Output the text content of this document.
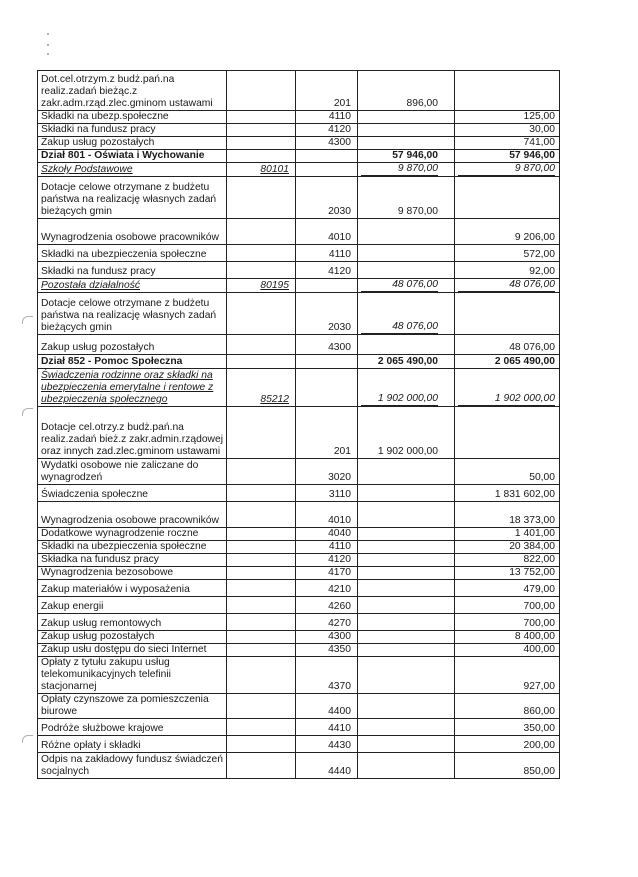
Dot.cel.otrzym.z budż.pań.na realiz.zadań bieżąc.z zakr.adm.rząd.zlec.gminom ustawami		201	896,00	
Składki na ubezp.społeczne		4110		125,00
Składki na fundusz pracy		4120		30,00
Zakup usług pozostałych		4300		741,00
Dział 801 - Oświata i Wychowanie			57 946,00	57 946,00
Szkoły Podstawowe	80101		9 870,00	9 870,00
Dotacje celowe otrzymane z budżetu państwa na realizację własnych zadań bieżących gmin		2030	9 870,00	
Wynagrodzenia osobowe pracowników		4010		9 206,00
Składki na ubezpieczenia społeczne		4110		572,00
Składki na fundusz pracy		4120		92,00
Pozostała działalność	80195		48 076,00	48 076,00
Dotacje celowe otrzymane z budżetu państwa na realizację własnych zadań bieżących gmin		2030	48 076,00	
Zakup usług pozostałych		4300		48 076,00
Dział 852 - Pomoc Społeczna			2 065 490,00	2 065 490,00
Świadczenia rodzinne oraz składki na ubezpieczenia emerytalne i rentowe z ubezpieczenia społecznego	85212		1 902 000,00	1 902 000,00
Dotacje cel.otrzy.z budż.pań.na realiz.zadań bież.z zakr.admin.rządowej oraz innych zad.zlec.gminom ustawami		201	1 902 000,00	
Wydatki osobowe nie zaliczane do wynagrodzeń		3020		50,00
Świadczenia społeczne		3110		1 831 602,00
Wynagrodzenia osobowe pracowników		4010		18 373,00
Dodatkowe wynagrodzenie roczne		4040		1 401,00
Składki na ubezpieczenia społeczne		4110		20 384,00
Składka na fundusz pracy		4120		822,00
Wynagrodzenia bezosobowe		4170		13 752,00
Zakup materiałów i wyposażenia		4210		479,00
Zakup energii		4260		700,00
Zakup usług remontowych		4270		700,00
Zakup usług pozostałych		4300		8 400,00
Zakup usłu dostępu do sieci Internet		4350		400,00
Opłaty z tytułu zakupu usług telekomunikacyjnych telefinii stacjonarnej		4370		927,00
Opłaty czynszowe za pomieszczenia biurowe		4400		860,00
Podróże służbowe krajowe		4410		350,00
Różne opłaty i składki		4430		200,00
Odpis na zakładowy fundusz świadczeń socjalnych		4440		850,00
